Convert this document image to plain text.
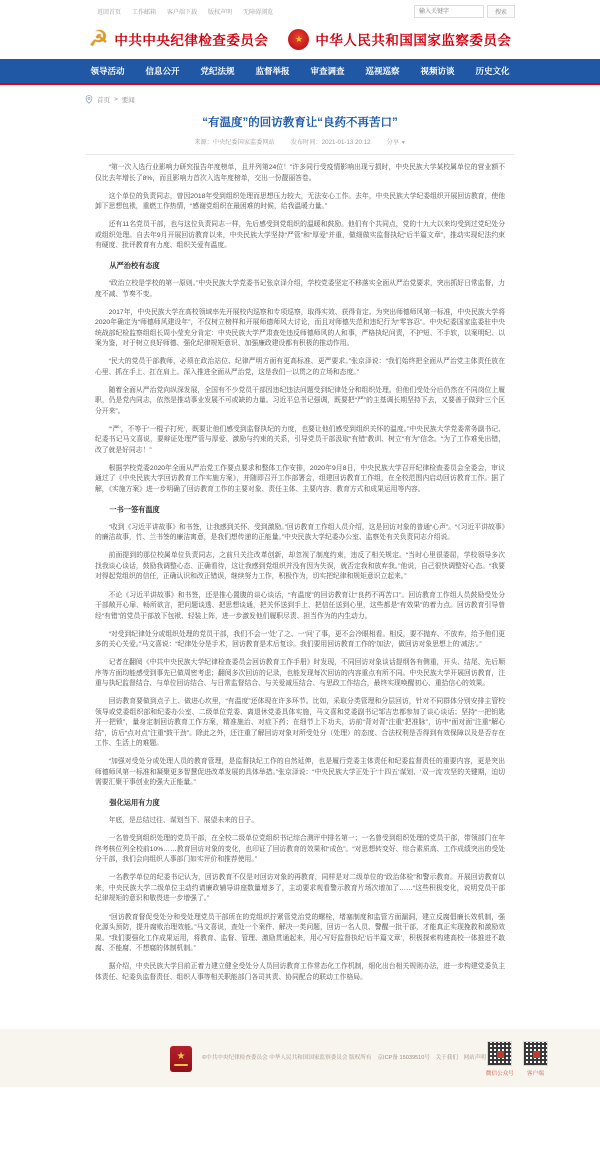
返回首页 工作邮箱 客户端下载 版权声明 无障碍浏览
输入关键字	搜索
☭ 中共中央纪律检查委员会	★ 中华人民共和国国家监察委员会
领导活动 信息公开 党纪法规 监督举报 审查调查 巡视巡察 视频访谈 历史文化
首页 > 要闻
“有温度”的回访教育让“良药不再苦口”
来源：中央纪委国家监委网站	发布时间：2021-01-13 20:12	分享 ▼

“第一次入选行业影响力研究报告年度榜单，且并列第24位！”许多同行受疫情影响出现亏损时，中央民族大学某校属单位的营业额不仅比去年增长了8%，而且影响力首次入选年度榜单，交出一份靓丽答卷。

这个单位的负责同志，曾因2018年受到组织处理而思想压力较大，无法安心工作。去年，中央民族大学纪委组织开展回访教育，使他卸下思想包袱，重燃工作热情，“感谢党组织在最困难的时候，给我温暖力量。”

还有11名党员干部，也与这位负责同志一样，先后感受到党组织的温暖和鼓励。他们有个共同点，党的十九大以来均受到过党纪处分或组织处理。自去年9月开展回访教育以来，中央民族大学坚持“严管”和“厚爱”并重，做细做实监督执纪“后半篇文章”，推动实现纪法约束有硬度、批评教育有力度、组织关爱有温度。

从严治校有态度

“政治立校是学校的第一原则。”中央民族大学党委书记张京泽介绍，学校党委坚定不移落实全面从严治党要求，突出抓好日常监督，力度不减、节奏不变。

2017年，中央民族大学在高校领域率先开展校内巡察和专项巡察，取得实效、获得肯定。为突出师德师风第一标准，中央民族大学将2020年确定为“师德师风建设年”，不仅树立榜样和开展师德师风大讨论，而且对师德失范和违纪行为“零容忍”。中央纪委国家监委驻中央统战部纪检监察组组长周小莹充分肯定：中央民族大学严肃查处违反师德师风的人和事，严格执纪问责，不护短、不手软，以案明纪、以案为鉴，对于树立良好师德、强化纪律规矩意识、加强廉政建设都有积极的推动作用。

“民大的党员干部教师，必须在政治站位、纪律严明方面有更高标准、更严要求。”张京泽说：“我们始终把全面从严治党主体责任放在心里、抓在手上、扛在肩上。深入推进全面从严治党，这是我们一以贯之的立场和态度。”

随着全面从严治党向纵深发展，全国有不少党员干部因违纪违法问题受到纪律处分和组织处理。但他们受处分后仍然在不同岗位上履职，仍是党内同志，依然是推动事业发展不可或缺的力量。习近平总书记强调，既要把“严”的主基调长期坚持下去，又要善于做到“三个区分开来”。

“‘严’，不等于‘一棍子打死’，既要让他们感受到监督执纪的力度，也要让他们感受到组织关怀的温度。”中央民族大学党委常务副书记、纪委书记马文喜说，要辩证处理严管与厚爱、激励与约束的关系，引导党员干部汲取“有错”教训、树立“有为”信念。“为了工作难免出错，改了就是好同志！”

根据学校党委2020年全面从严治党工作要点要求和整体工作安排，2020年9月8日，中央民族大学召开纪律检查委员会全委会，审议通过了《中央民族大学回访教育工作实施方案》，并随即召开工作部署会，组建回访教育工作组，在全校范围内启动回访教育工作。据了解，《实施方案》进一步明确了回访教育工作的主要对象、责任主体、主要内容、教育方式和成果运用等内容。

一书一签有温度

“收到《习近平讲故事》和书签，让我感到关怀、受到激励。”回访教育工作组人员介绍，这是回访对象的普通“心声”。“《习近平讲故事》的廉洁故事，竹、兰书签的廉洁寓意，是我们想传递的正能量。”中央民族大学纪委办公室、监察处有关负责同志介绍说。

前面提到的那位校属单位负责同志，之前只关注改革创新，却忽视了制度约束，违反了相关规定。“当时心里很委屈，学校领导多次找我谈心谈话，鼓励我调整心态、正确看待，这让我感到党组织并没有因为失误，就否定我和放弃我。”他说，自己很快调整好心态。“我要对得起党组织的信任，正确认识和改正错误，继续努力工作，积极作为，切实把纪律和规矩意识立起来。”

不论《习近平讲故事》和书签，还是推心置腹的谈心谈话，“有温度”的回访教育让“良药不再苦口”。回访教育工作组人员鼓励受处分干部敞开心扉、畅所欲言，把问题谈透、把思想谈通，把关怀送到手上、把信任送到心里，这些都是“有效果”的着力点。回访教育引导曾经“有错”的党员干部放下包袱、轻装上阵，进一步激发他们履职尽责、担当作为的内生动力。

“对受到纪律处分或组织处理的党员干部，我们不会一‘处’了之、一‘问’了事，更不会冷眼相看。相反，要不抛弃、不放弃，给予他们更多的关心关爱。”马文喜说：“纪律处分是手术，回访教育是术后复诊。我们要用回访教育工作的‘加法’，做回访对象思想上的‘减法’。”

记者在翻阅《中共中央民族大学纪律检查委员会回访教育工作手册》时发现，不同回访对象谈话提纲各有侧重，开头、结尾、先后顺序等方面均能感受到事先已做周密考虑；翻阅多次回访的记录，也能发现每次回访的内容重点有所不同。中央民族大学开展回访教育，注重与执纪监督结合、与单位回访结合、与日常监督结合、与关爱减压结合、与思政工作结合，最终实现唤醒初心、重拾信心的效果。

回访教育要做到点子上、做进心坎里，“有温度”还体现在许多环节。比如，采取分类管理和分层回访，针对不同群体分别安排主管校领导或党委组织部和纪委办公室、二级单位党委、离退休党委具体实施，马文喜和党委副书记邹吉忠都参加了谈心谈话；坚持“一把钥匙开一把锁”，量身定制回访教育工作方案，精准施治、对症下药；在细节上下功夫，访前“背对背”注重“把准脉”，访中“面对面”注重“解心结”，访后“点对点”注重“鼓干劲”。除此之外，还注重了解回访对象对所受处分（处理）的态度、合法权利是否得到有效保障以及是否存在工作、生活上的难题。

“加强对受处分或处理人员的教育管理，是监督执纪工作的自然延伸，也是履行党委主体责任和纪委监督责任的重要内容，更是突出师德师风第一标准和凝聚更多智慧促进改革发展的具体举措。”张京泽说：“中央民族大学正处于‘十四五’谋划、‘双一流’攻坚的关键期，迫切需要汇聚干事创业的强大正能量。”

强化运用有力度

年底，是总结过往、谋划当下、展望未来的日子。

一名曾受到组织处理的党员干部，在全校二级单位党组织书记综合测评中排名第一；一名曾受到组织处理的党员干部，带领部门在年终考核位列全校前10%……教育回访对象的变化，也印证了回访教育的效果和“成色”。“对思想转变好、综合素质高、工作成绩突出的受处分干部，我们会向组织人事部门如实评价和推荐使用。”

一名教学单位的纪委书记认为，回访教育不仅是对回访对象的再教育，同样是对二级单位的“政治体检”和警示教育。开展回访教育以来，中央民族大学二级单位主动约请廉政辅导讲座数量增多了，主动要求观看警示教育片场次增加了……“这些积极变化，说明党员干部纪律规矩的意识和敬畏进一步增强了。”

“回访教育督促受处分和受处理党员干部所在的党组织拧紧管党治党的螺栓，堵塞制度和监管方面漏洞，建立反腐倡廉长效机制，强化源头预防，提升腐败治理效能。”马文喜说，查处一个案件、解决一类问题，回访一名人员、警醒一批干部，才能真正实现挽救和激励效果。“我们要强化工作成果运用，将教育、监督、管理、激励贯通起来，用心写好监督执纪‘后半篇文章’，积极探索构建高校一体推进不敢腐、不能腐、不想腐的体制机制。”

据介绍，中央民族大学目前正着力建立健全受处分人员回访教育工作常态化工作机制，细化出台相关规则办法，进一步构建党委负主体责任、纪委负监督责任、组织人事等相关职能部门各司其责、协同配合的联动工作格局。

★	©中共中央纪律检查委员会 中华人民共和国国家监察委员会 版权所有 京ICP备 15039510号 关于我们 网站声明
微信公众号 客户端
